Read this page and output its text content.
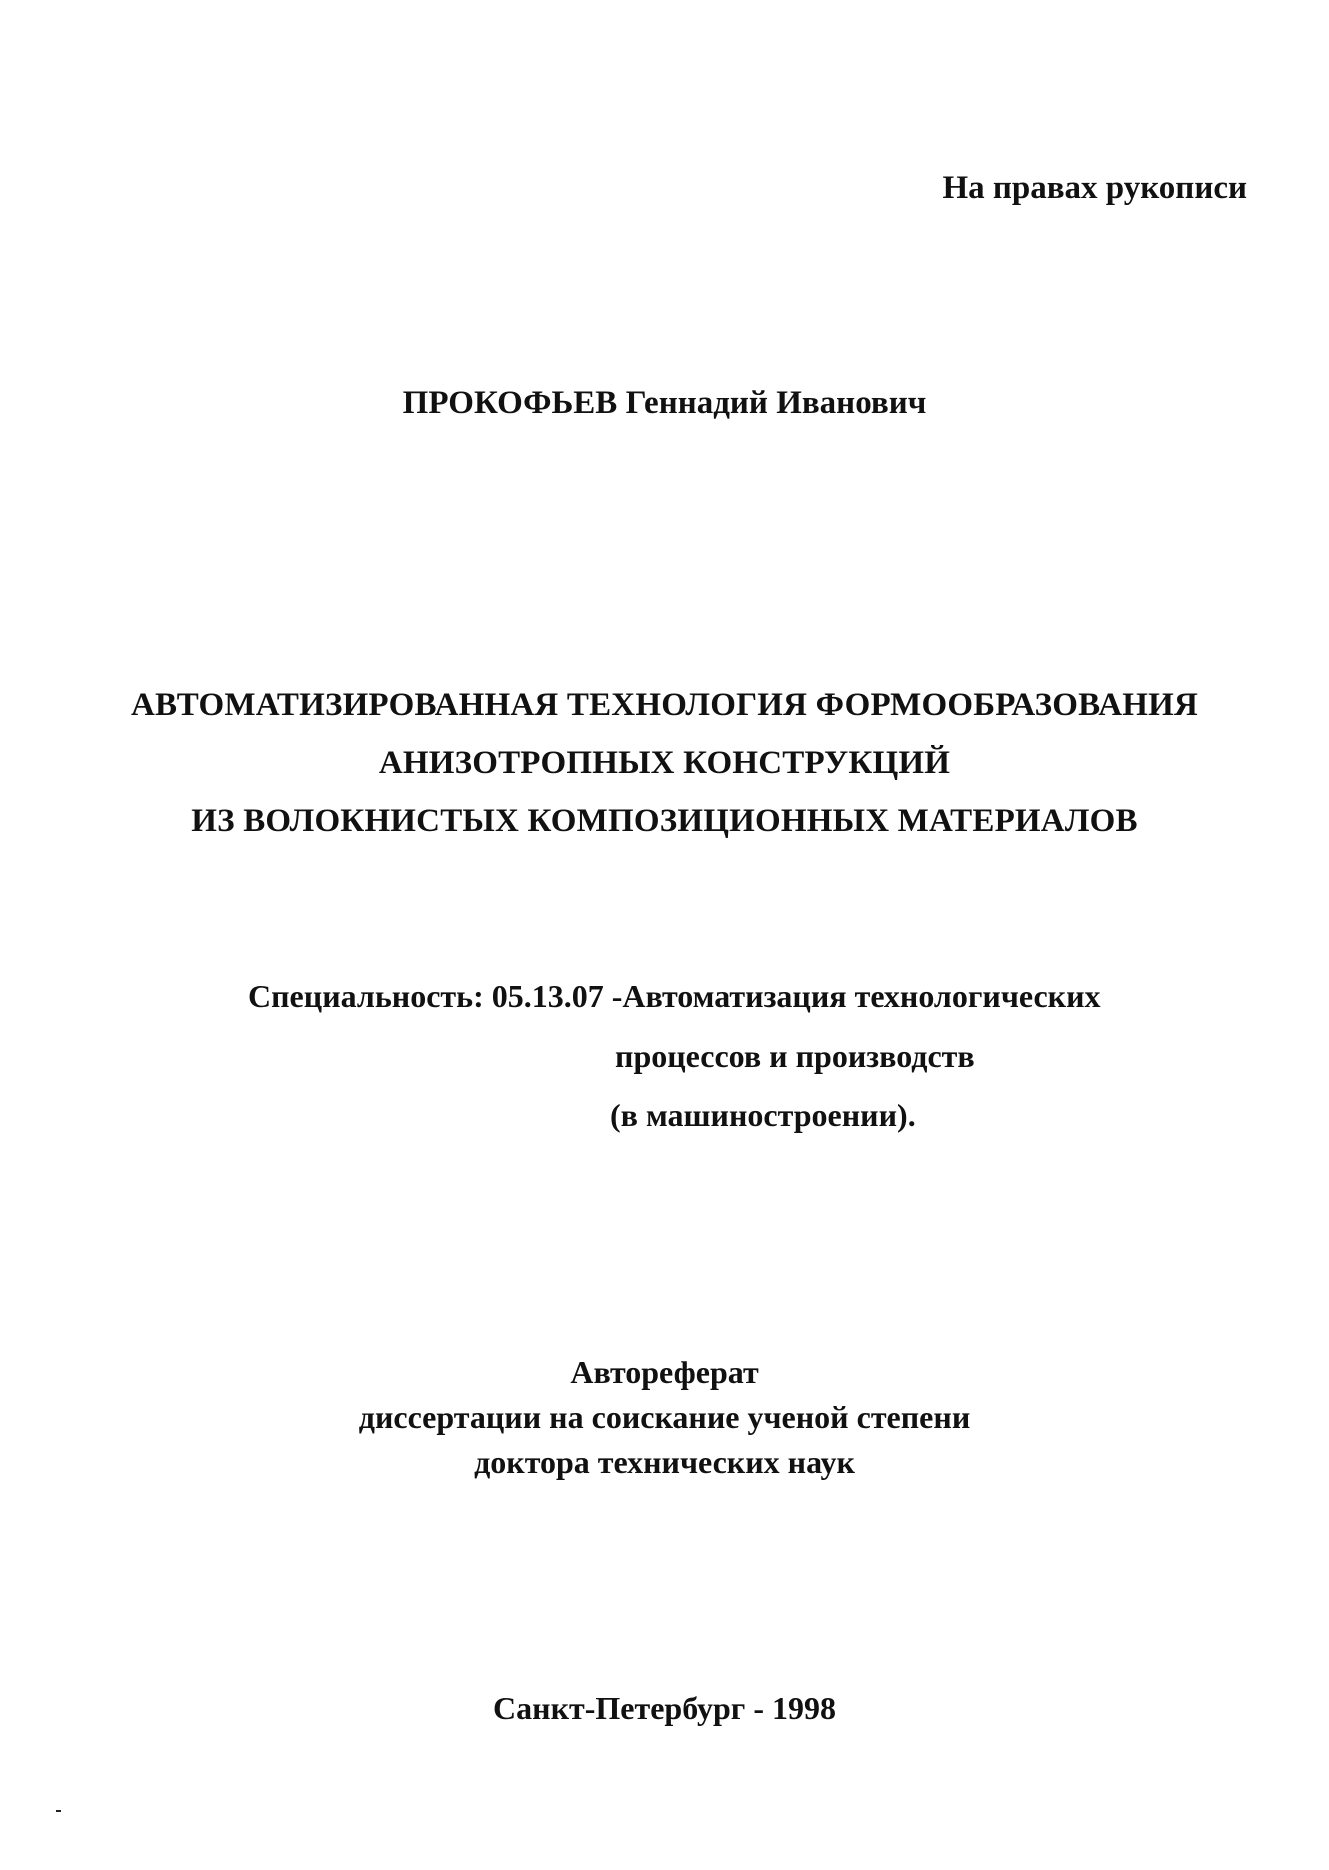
На правах рукописи
ПРОКОФЬЕВ Геннадий Иванович
АВТОМАТИЗИРОВАННАЯ ТЕХНОЛОГИЯ ФОРМООБРАЗОВАНИЯ
АНИЗОТРОПНЫХ КОНСТРУКЦИЙ
ИЗ ВОЛОКНИСТЫХ КОМПОЗИЦИОННЫХ МАТЕРИАЛОВ
Специальность: 05.13.07 -Автоматизация технологических
процессов и производств
(в машиностроении).
Автореферат
диссертации на соискание ученой степени
доктора технических наук
Санкт-Петербург - 1998
